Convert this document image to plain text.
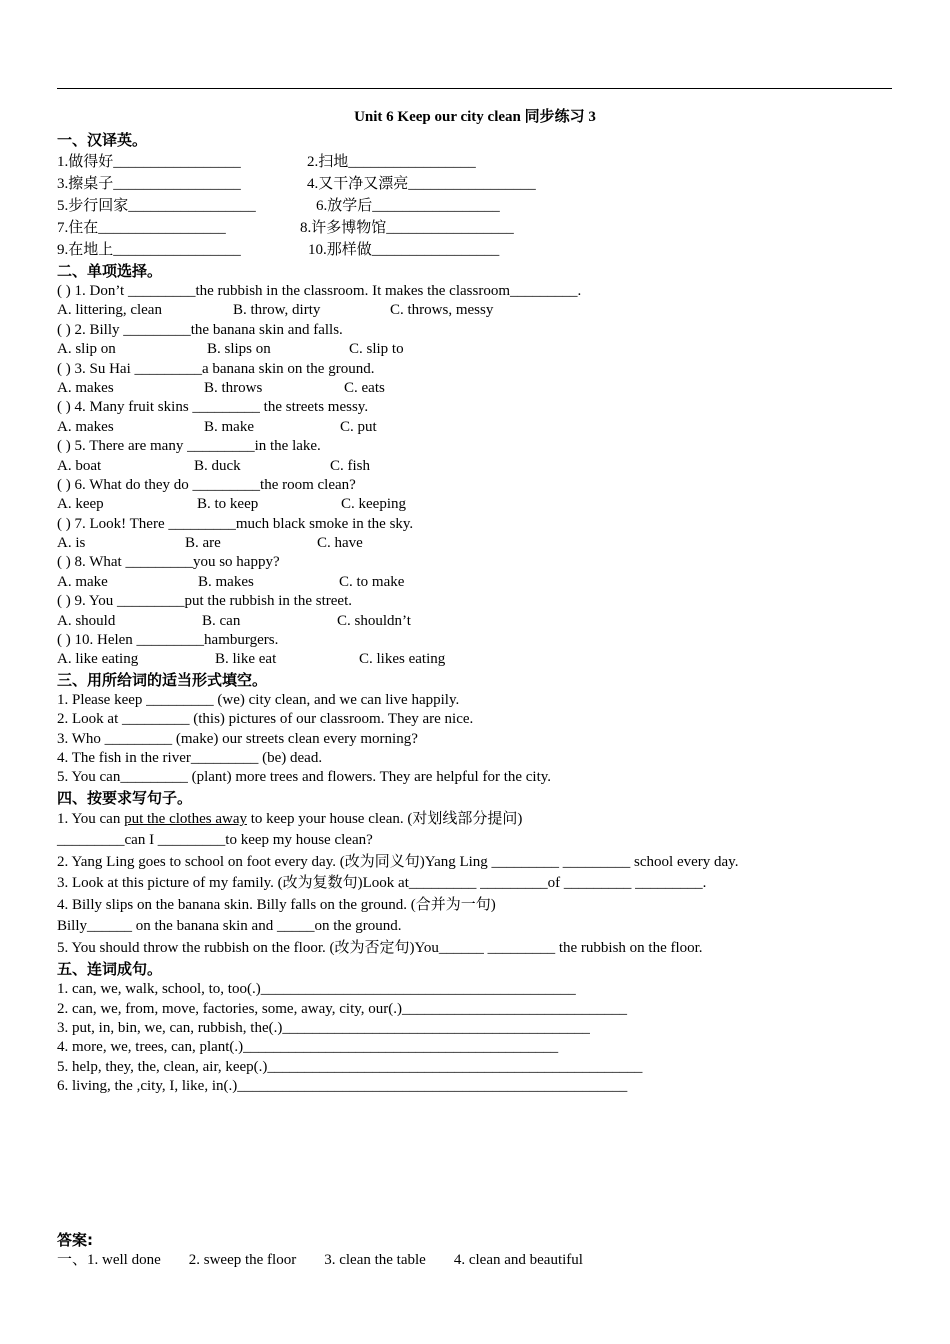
Unit 6 Keep our city clean 同步练习 3
一、汉译英。
1.做得好_________________	2.扫地_________________
3.擦桌子_________________	4.又干净又漂亮_________________
5.步行回家_________________	6.放学后_________________
7.住在_________________	8.许多博物馆_________________
9.在地上_________________	10.那样做_________________
二、单项选择。
( ) 1. Don’t _________the rubbish in the classroom. It makes the classroom_________.
A. littering, clean	B. throw, dirty	C. throws, messy
( ) 2. Billy _________the banana skin and falls.
A. slip on	B. slips on	C. slip to
( ) 3. Su Hai _________a banana skin on the ground.
A. makes	B. throws	C. eats
( ) 4. Many fruit skins _________ the streets messy.
A. makes	B. make	C. put
( ) 5. There are many _________in the lake.
A. boat	B. duck	C. fish
( ) 6. What do they do _________the room clean?
A. keep	B. to keep	C. keeping
( ) 7. Look! There _________much black smoke in the sky.
A. is	B. are	C. have
( ) 8. What _________you so happy?
A. make	B. makes	C. to make
( ) 9. You _________put the rubbish in the street.
A. should	B. can	C. shouldn’t
( ) 10. Helen _________hamburgers.
A. like eating	B. like eat	C. likes eating
三、用所给词的适当形式填空。
1. Please keep _________ (we) city clean, and we can live happily.
2. Look at _________ (this) pictures of our classroom. They are nice.
3. Who _________ (make) our streets clean every morning?
4. The fish in the river_________ (be) dead.
5. You can_________ (plant) more trees and flowers. They are helpful for the city.
四、按要求写句子。
1. You can put the clothes away to keep your house clean. (对划线部分提问)
_________can I _________to keep my house clean?
2. Yang Ling goes to school on foot every day. (改为同义句)Yang Ling _________ _________ school every day.
3. Look at this picture of my family. (改为复数句)Look at_________ _________of _________ _________.
4. Billy slips on the banana skin. Billy falls on the ground. (合并为一句)
Billy______ on the banana skin and _____on the ground.
5. You should throw the rubbish on the floor. (改为否定句)You______ _________ the rubbish on the floor.
五、连词成句。
1. can, we, walk, school, to, too(.)__________________________________________
2. can, we, from, move, factories, some, away, city, our(.)______________________________
3. put, in, bin, we, can, rubbish, the(.)_________________________________________
4. more, we, trees, can, plant(.)__________________________________________
5. help, they, the, clean, air, keep(.)__________________________________________________
6. living, the ,city, I, like, in(.)____________________________________________________
答案:
一、1. well done 2. sweep the floor 3. clean the table 4. clean and beautiful
